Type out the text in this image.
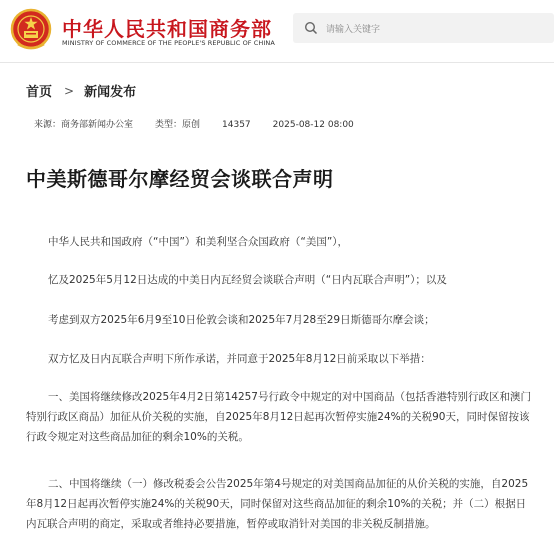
中华人民共和国商务部
MINISTRY OF COMMERCE OF THE PEOPLE'S REPUBLIC OF CHINA
请输入关键字
首页 > 新闻发布
来源：商务部新闻办公室 类型：原创 14357 2025-08-12 08:00
中美斯德哥尔摩经贸会谈联合声明
中华人民共和国政府（“中国”）和美利坚合众国政府（“美国”），
忆及2025年5月12日达成的中美日内瓦经贸会谈联合声明（“日内瓦联合声明”）；以及
考虑到双方2025年6月9至10日伦敦会谈和2025年7月28至29日斯德哥尔摩会谈；
双方忆及日内瓦联合声明下所作承诺，并同意于2025年8月12日前采取以下举措：
一、美国将继续修改2025年4月2日第14257号行政令中规定的对中国商品（包括香港特别行政区和澳门特别行政区商品）加征从价关税的实施，自2025年8月12日起再次暂停实施24%的关税90天，同时保留按该行政令规定对这些商品加征的剩余10%的关税。
二、中国将继续（一）修改税委会公告2025年第4号规定的对美国商品加征的从价关税的实施，自2025年8月12日起再次暂停实施24%的关税90天，同时保留对这些商品加征的剩余10%的关税；并（二）根据日内瓦联合声明的商定，采取或者维持必要措施，暂停或取消针对美国的非关税反制措施。
